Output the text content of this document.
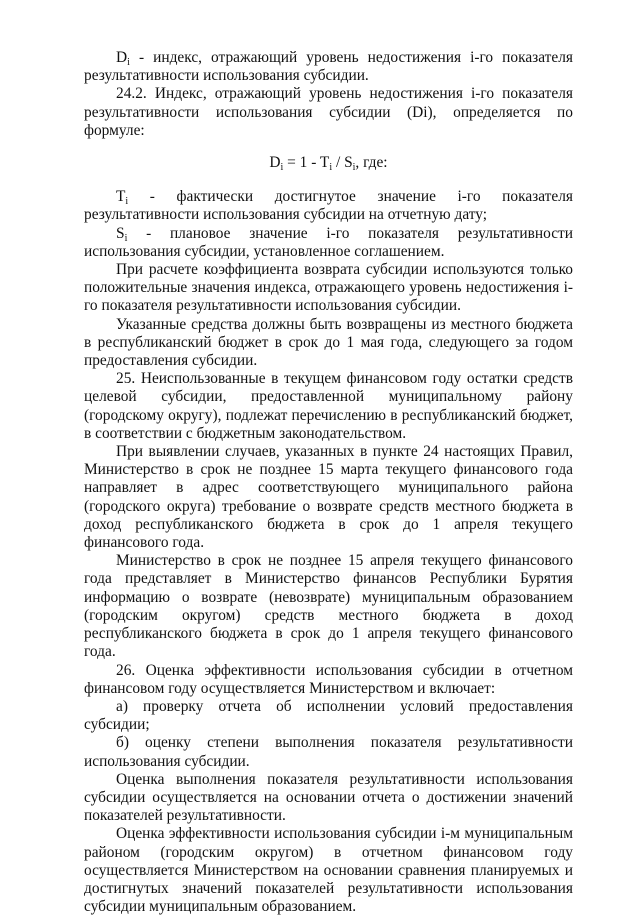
$D_i$ - индекс, отражающий уровень недостижения i-го показателя результативности использования субсидии.

24.2. Индекс, отражающий уровень недостижения i-го показателя результативности использования субсидии (Di), определяется по формуле:

$D_i = 1 - T_i / S_i$, где:

$T_i$ - фактически достигнутое значение i-го показателя результативности использования субсидии на отчетную дату;

$S_i$ - плановое значение i-го показателя результативности использования субсидии, установленное соглашением.

При расчете коэффициента возврата субсидии используются только положительные значения индекса, отражающего уровень недостижения i-го показателя результативности использования субсидии.

Указанные средства должны быть возвращены из местного бюджета в республиканский бюджет в срок до 1 мая года, следующего за годом предоставления субсидии.

25. Неиспользованные в текущем финансовом году остатки средств целевой субсидии, предоставленной муниципальному району (городскому округу), подлежат перечислению в республиканский бюджет, в соответствии с бюджетным законодательством.

При выявлении случаев, указанных в пункте 24 настоящих Правил, Министерство в срок не позднее 15 марта текущего финансового года направляет в адрес соответствующего муниципального района (городского округа) требование о возврате средств местного бюджета в доход республиканского бюджета в срок до 1 апреля текущего финансового года.

Министерство в срок не позднее 15 апреля текущего финансового года представляет в Министерство финансов Республики Бурятия информацию о возврате (невозврате) муниципальным образованием (городским округом) средств местного бюджета в доход республиканского бюджета в срок до 1 апреля текущего финансового года.

26. Оценка эффективности использования субсидии в отчетном финансовом году осуществляется Министерством и включает:

а) проверку отчета об исполнении условий предоставления субсидии;

б) оценку степени выполнения показателя результативности использования субсидии.

Оценка выполнения показателя результативности использования субсидии осуществляется на основании отчета о достижении значений показателей результативности.

Оценка эффективности использования субсидии i-м муниципальным районом (городским округом) в отчетном финансовом году осуществляется Министерством на основании сравнения планируемых и достигнутых значений показателей результативности использования субсидии муниципальным образованием.
